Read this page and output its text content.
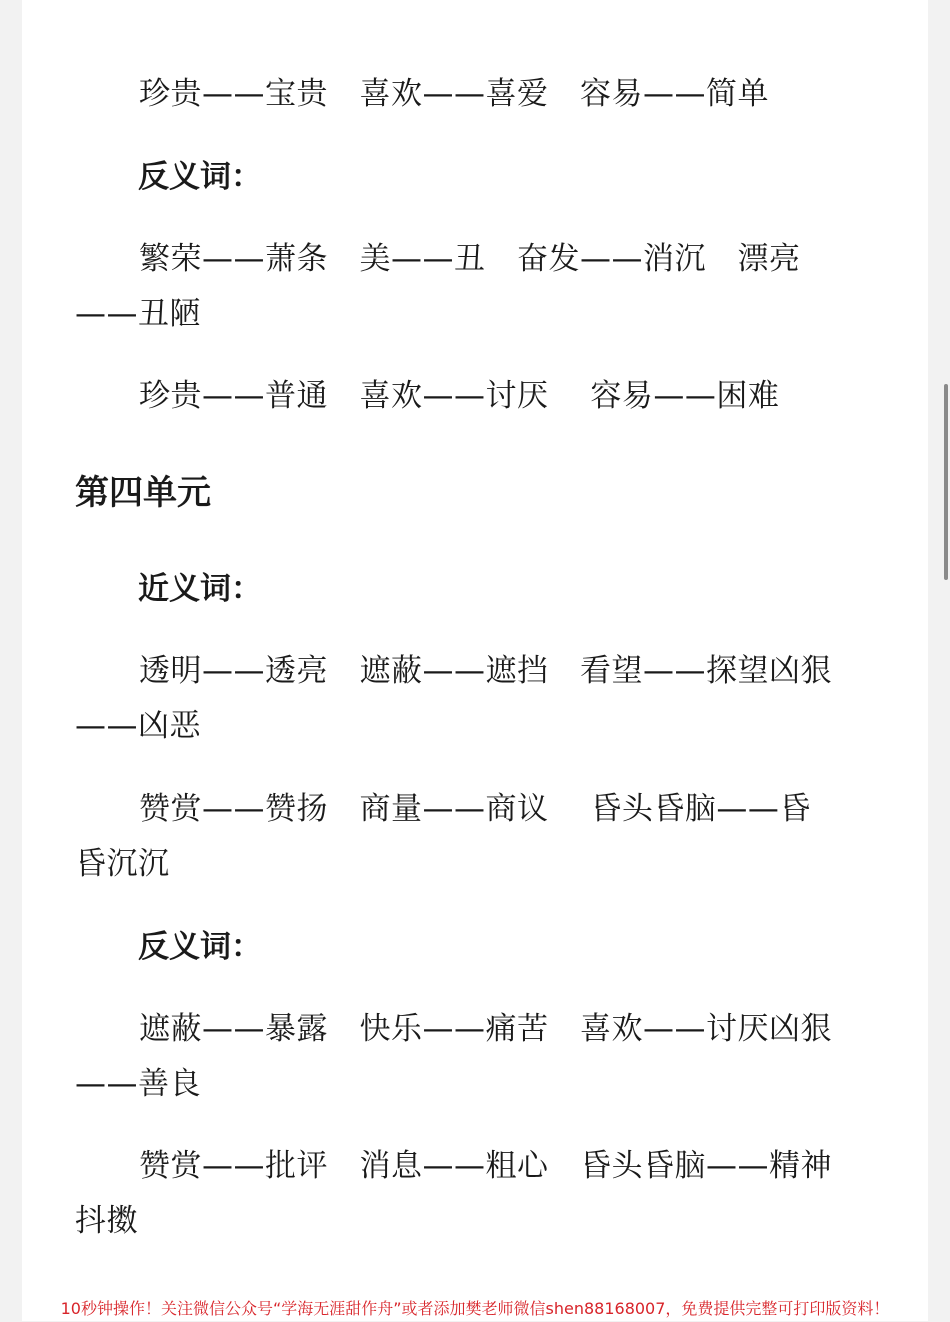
珍贵——宝贵　喜欢——喜爱　容易——简单
反义词：
繁荣——萧条　美——丑　奋发——消沉　漂亮——丑陋
珍贵——普通　喜欢——讨厌　 容易——困难
第四单元
近义词：
透明——透亮　遮蔽——遮挡　看望——探望凶狠——凶恶
赞赏——赞扬　商量——商议　 昏头昏脑——昏昏沉沉
反义词：
遮蔽——暴露　快乐——痛苦　喜欢——讨厌凶狠——善良
赞赏——批评　消息——粗心　昏头昏脑——精神抖擞
10秒钟操作！关注微信公众号“学海无涯甜作舟”或者添加樊老师微信shen88168007，免费提供完整可打印版资料！
